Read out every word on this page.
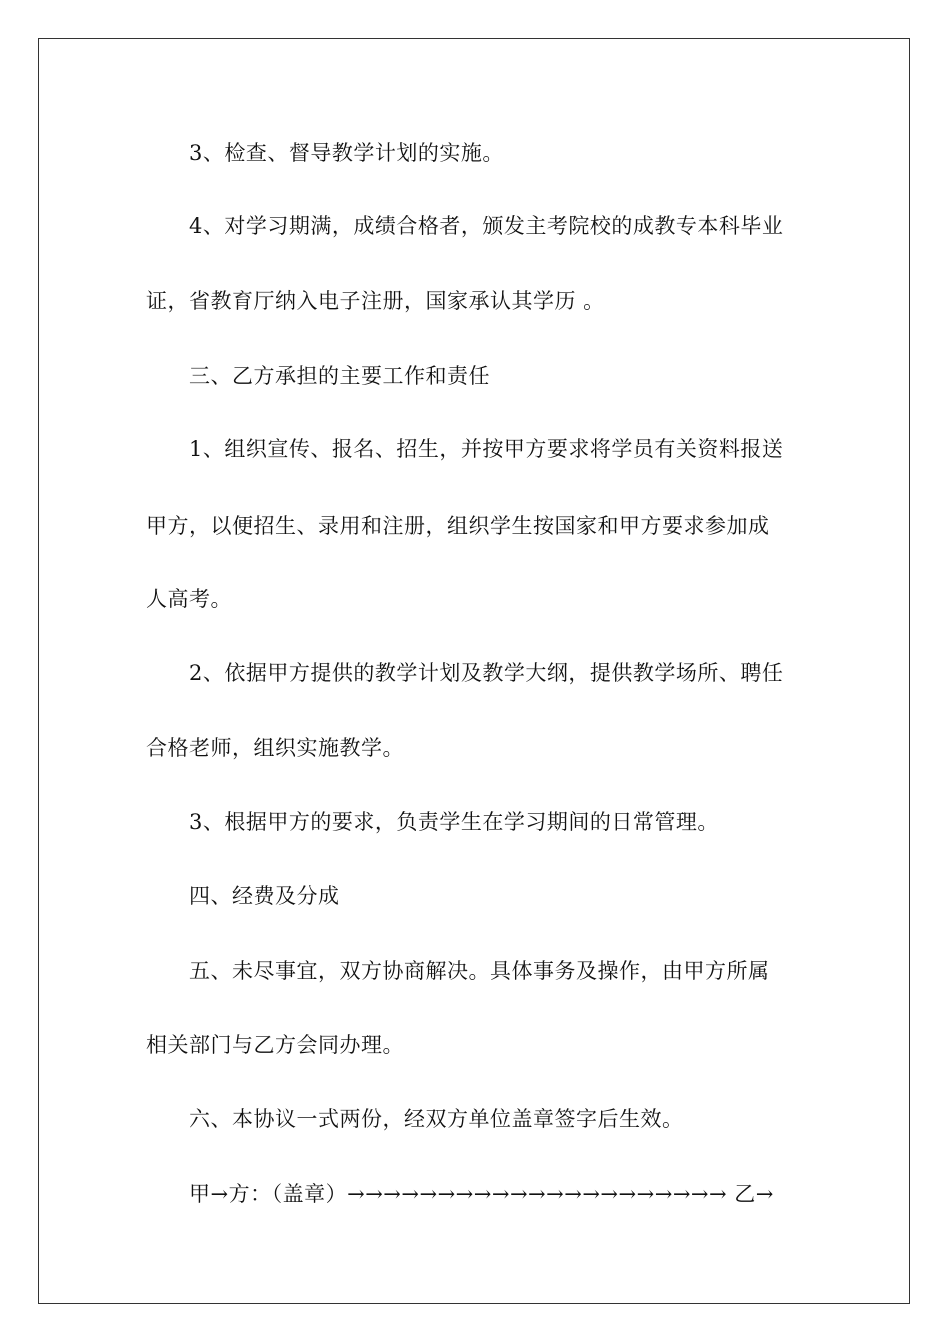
3、检查、督导教学计划的实施。
4、对学习期满，成绩合格者，颁发主考院校的成教专本科毕业
证，省教育厅纳入电子注册，国家承认其学历 。
三、乙方承担的主要工作和责任
1、组织宣传、报名、招生，并按甲方要求将学员有关资料报送
甲方，以便招生、录用和注册，组织学生按国家和甲方要求参加成
人高考。
2、依据甲方提供的教学计划及教学大纲，提供教学场所、聘任
合格老师，组织实施教学。
3、根据甲方的要求，负责学生在学习期间的日常管理。
四、经费及分成
五、未尽事宜，双方协商解决。具体事务及操作，由甲方所属
相关部门与乙方会同办理。
六、本协议一式两份，经双方单位盖章签字后生效。
甲→方：（盖章）→→→→→→→→→→→→→→→→→→→→→ 乙→
